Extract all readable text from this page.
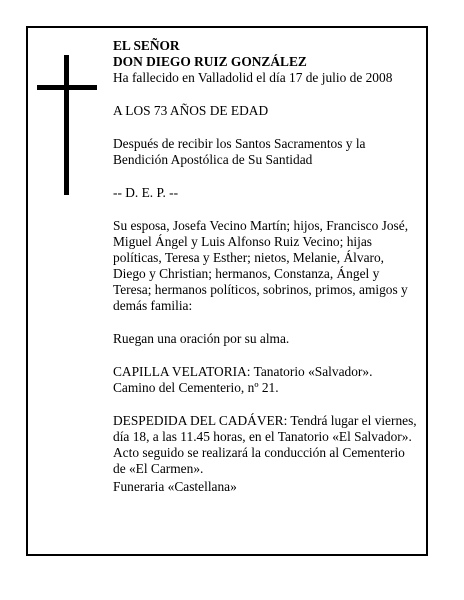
EL SEÑOR

DON DIEGO RUIZ GONZÁLEZ

Ha fallecido en Valladolid el día 17 de julio de 2008

A LOS 73 AÑOS DE EDAD

Después de recibir los Santos Sacramentos y la Bendición Apostólica de Su Santidad

-- D. E. P. --

Su esposa, Josefa Vecino Martín; hijos, Francisco José, Miguel Ángel y Luis Alfonso Ruiz Vecino; hijas políticas, Teresa y Esther; nietos, Melanie, Álvaro, Diego y Christian; hermanos, Constanza, Ángel y Teresa; hermanos políticos, sobrinos, primos, amigos y demás familia:

Ruegan una oración por su alma.

CAPILLA VELATORIA: Tanatorio «Salvador». Camino del Cementerio, nº 21.

DESPEDIDA DEL CADÁVER: Tendrá lugar el viernes, día 18, a las 11.45 horas, en el Tanatorio «El Salvador». Acto seguido se realizará la conducción al Cementerio de «El Carmen».

Funeraria «Castellana»
